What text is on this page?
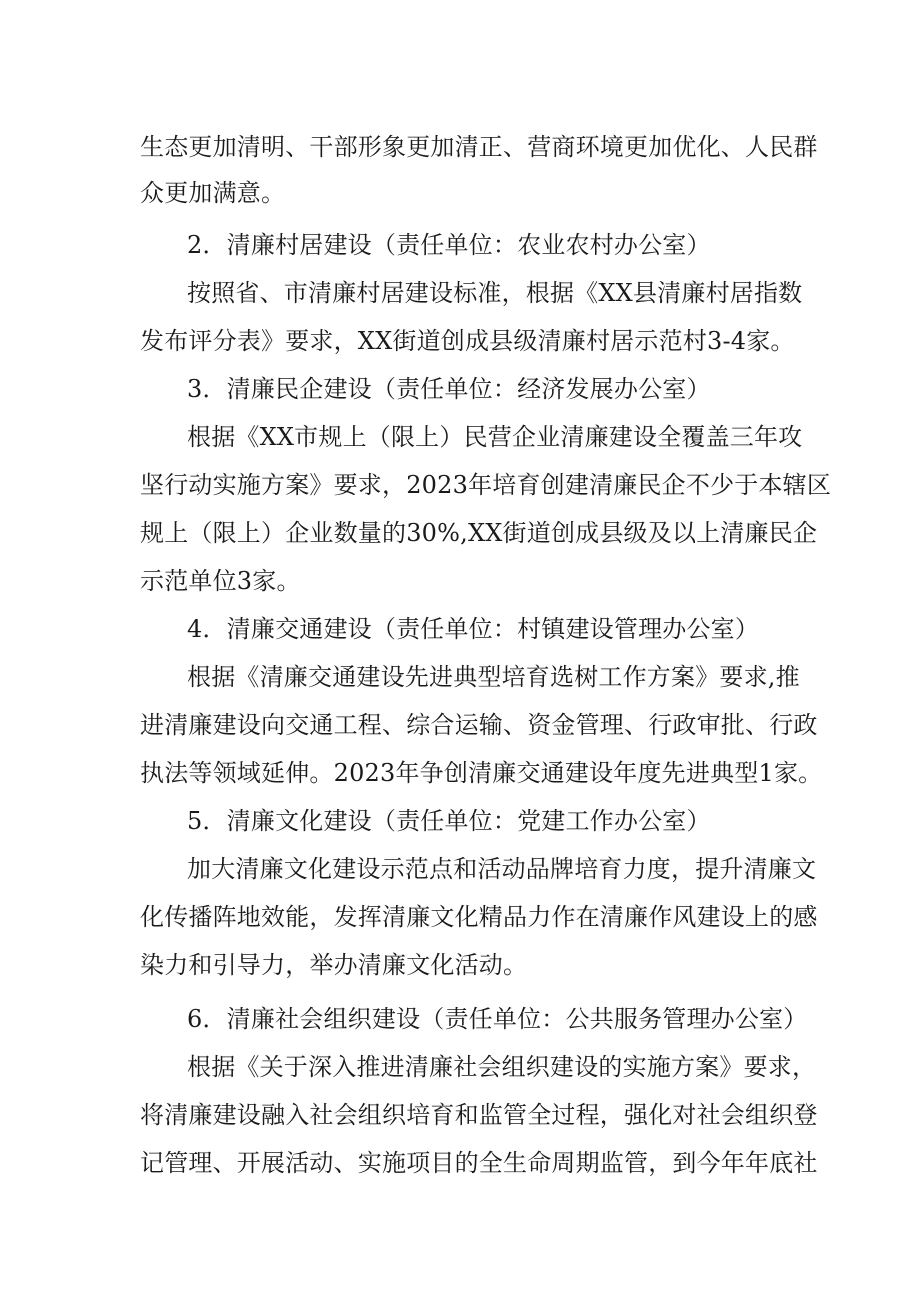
生态更加清明、干部形象更加清正、营商环境更加优化、人民群
众更加满意。
2．清廉村居建设（责任单位：农业农村办公室）
按照省、市清廉村居建设标准，根据《XX县清廉村居指数
发布评分表》要求，XX街道创成县级清廉村居示范村3-4家。
3．清廉民企建设（责任单位：经济发展办公室）
根据《XX市规上（限上）民营企业清廉建设全覆盖三年攻
坚行动实施方案》要求，2023年培育创建清廉民企不少于本辖区
规上（限上）企业数量的30%,XX街道创成县级及以上清廉民企
示范单位3家。
4．清廉交通建设（责任单位：村镇建设管理办公室）
根据《清廉交通建设先进典型培育选树工作方案》要求,推
进清廉建设向交通工程、综合运输、资金管理、行政审批、行政
执法等领域延伸。2023年争创清廉交通建设年度先进典型1家。
5．清廉文化建设（责任单位：党建工作办公室）
加大清廉文化建设示范点和活动品牌培育力度，提升清廉文
化传播阵地效能，发挥清廉文化精品力作在清廉作风建设上的感
染力和引导力，举办清廉文化活动。
6．清廉社会组织建设（责任单位：公共服务管理办公室）
根据《关于深入推进清廉社会组织建设的实施方案》要求，
将清廉建设融入社会组织培育和监管全过程，强化对社会组织登
记管理、开展活动、实施项目的全生命周期监管，到今年年底社
